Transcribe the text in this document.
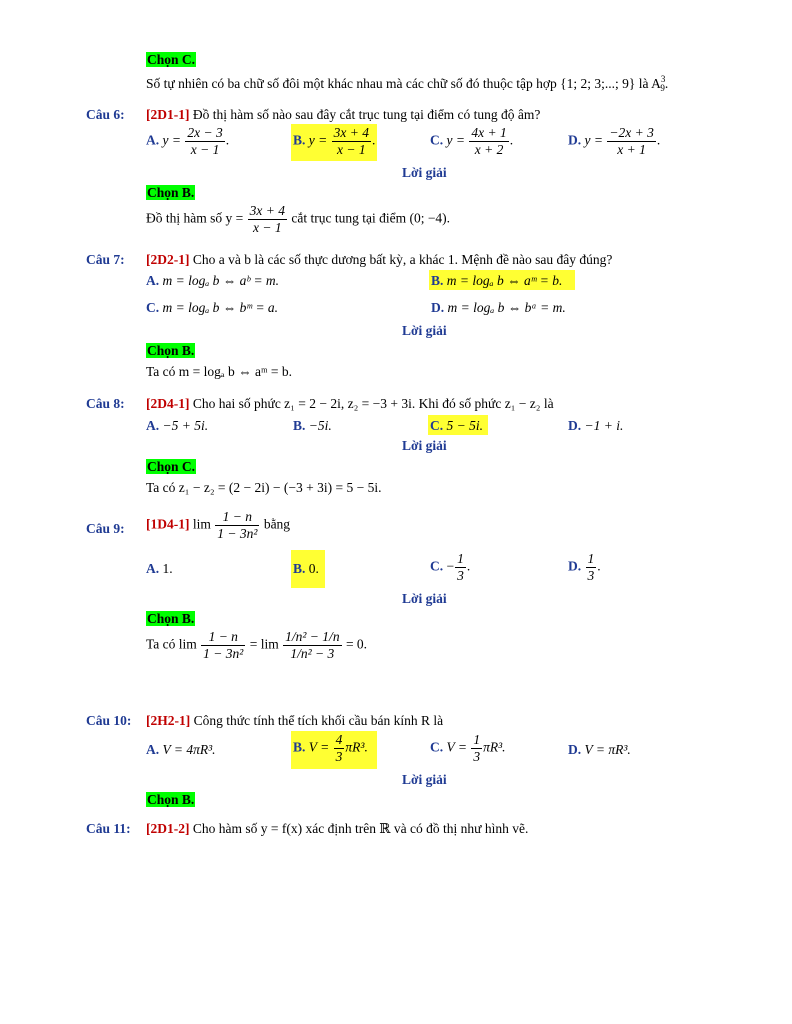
Chọn C.
Số tự nhiên có ba chữ số đôi một khác nhau mà các chữ số đó thuộc tập hợp {1; 2; 3;...; 9} là $A^3_9$.
Câu 6: [2D1-1] Đồ thị hàm số nào sau đây cắt trục tung tại điểm có tung độ âm?
A. $y = \frac{2x - 3}{x - 1}$ .	B. $y = \frac{3x + 4}{x - 1}$ .	C. $y = \frac{4x + 1}{x + 2}$ .	D. $y = \frac{-2x + 3}{x + 1}$ .
Lời giải
Chọn B.
Đồ thị hàm số $y = \frac{3x + 4}{x - 1}$ cắt trục tung tại điểm (0; −4).
Câu 7: [2D2-1] Cho a và b là các số thực dương bất kỳ, a khác 1. Mệnh đề nào sau đây đúng?
A. m = logₐ b ⇔ aᵇ = m.	B. m = logₐ b ⇔ aᵐ = b.
C. m = logₐ b ⇔ bᵐ = a.	D. m = logₐ b ⇔ bᵃ = m.
Lời giải
Chọn B.
Ta có m = logₐ b ⇔ aᵐ = b.
Câu 8: [2D4-1] Cho hai số phức z₁ = 2 − 2i, z₂ = −3 + 3i. Khi đó số phức z₁ − z₂ là
A. −5 + 5i.	B. −5i.	C. 5 − 5i.	D. −1 + i.
Lời giải
Chọn C.
Ta có z₁ − z₂ = (2 − 2i) − (−3 + 3i) = 5 − 5i.
Câu 9: [1D4-1] $\lim \frac{1 - n}{\text{1 − 3n²}}$ bằng
A. 1.	B. 0.	C. − $\frac{1}{3}$ .	D. $\frac{1}{3}$ .
Lời giải
Chọn B.
Ta có $\lim \frac{1 - n}{\text{1 − 3n²}} = \lim \frac{\text{1/n² − 1/n}}{\text{1/n² − 3}} = 0$.
Câu 10: [2H2-1] Công thức tính thể tích khối cầu bán kính R là
A. V = 4πR³.	B. $V = \frac{4}{3} \pi R^3$.	C. $V = \frac{1}{3} \pi R^3$.	D. V = πR³.
Lời giải
Chọn B.
Câu 11: [2D1-2] Cho hàm số y = f(x) xác định trên ℝ và có đồ thị như hình vẽ.
